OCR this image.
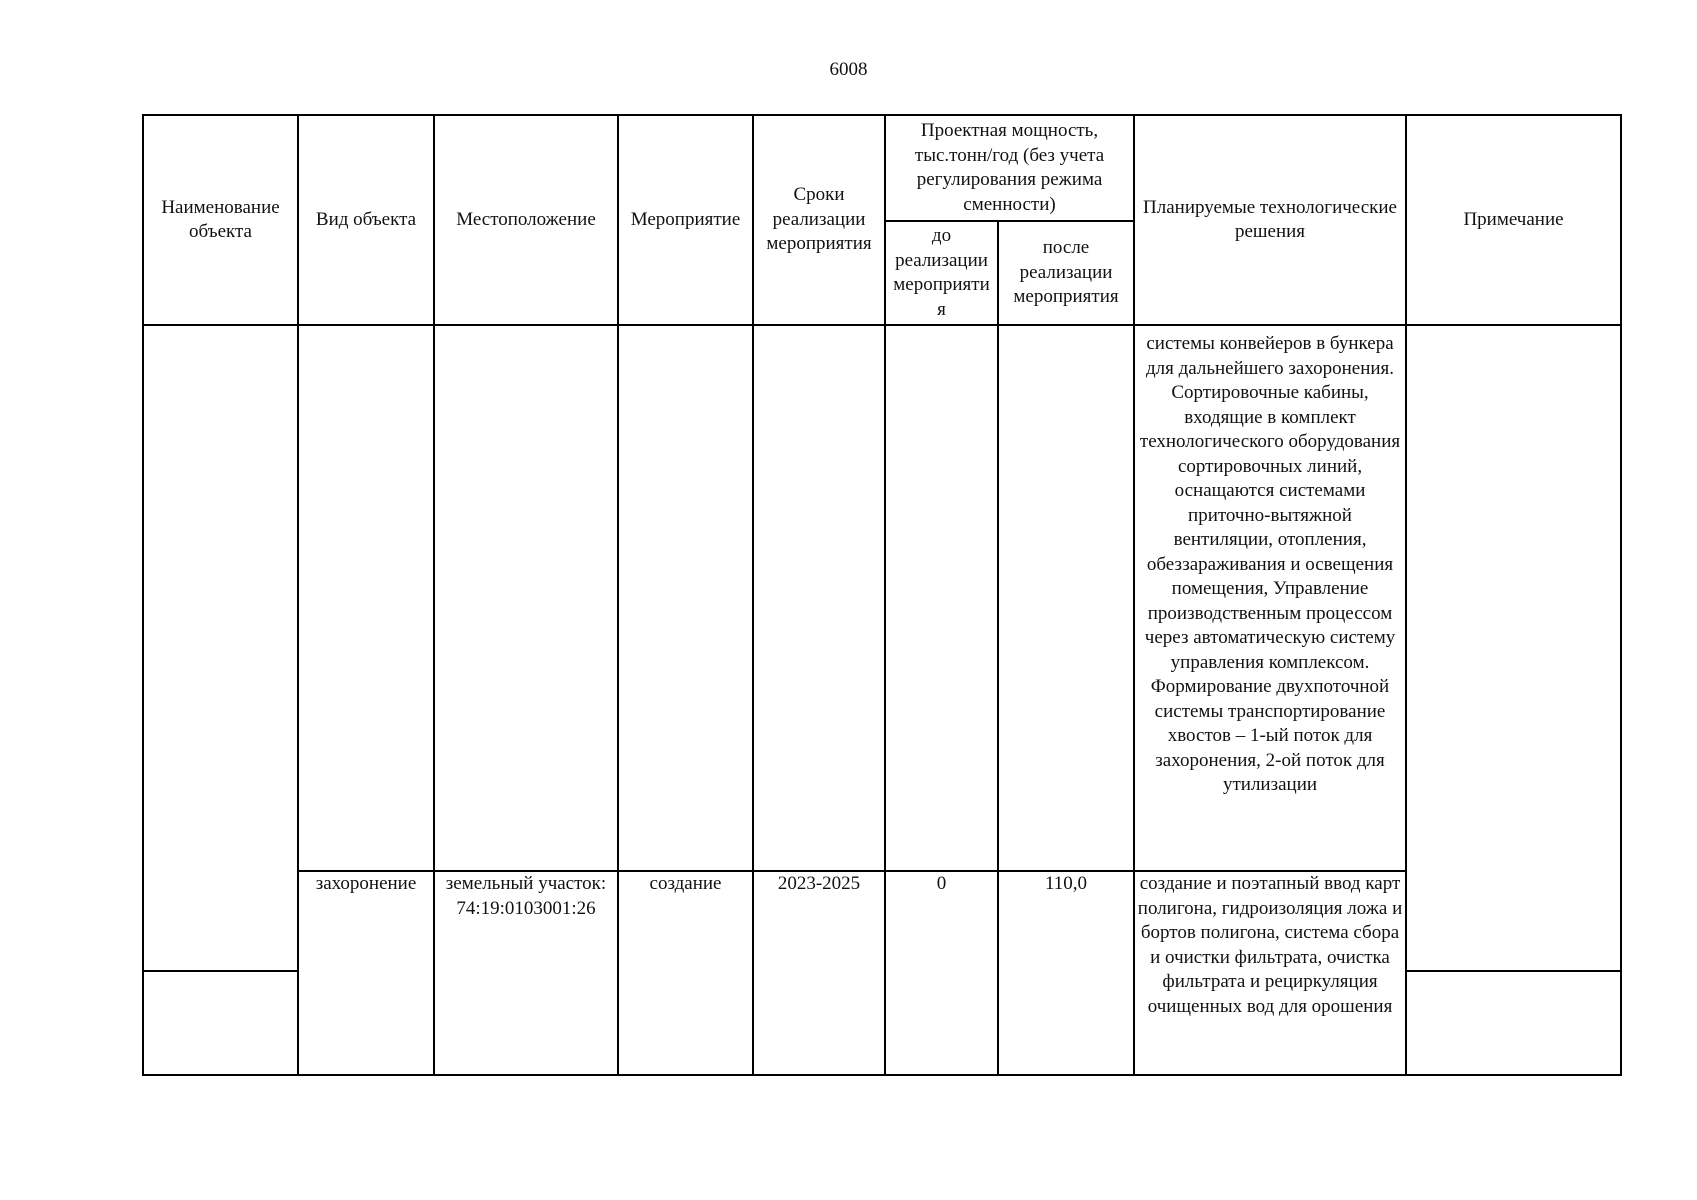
6008
Наименование объекта	Вид объекта	Местоположение	Мероприятие	Сроки реализации мероприятия	Проектная мощность, тыс.тонн/год (без учета регулирования режима сменности)		Планируемые технологические решения	Примечание
					до реализации мероприяти я	после реализации мероприятия		
							системы конвейеров в бункера для дальнейшего захоронения. Сортировочные кабины, входящие в комплект технологического оборудования сортировочных линий, оснащаются системами приточно-вытяжной вентиляции, отопления, обеззараживания и освещения помещения, Управление производственным процессом через автоматическую систему управления комплексом. Формирование двухпоточной системы транспортирование хвостов – 1-ый поток для захоронения, 2-ой поток для утилизации	
	захоронение	земельный участок: 74:19:0103001:26	создание	2023-2025	0	110,0	создание и поэтапный ввод карт полигона, гидроизоляция ложа и бортов полигона, система сбора и очистки фильтрата, очистка фильтрата и рециркуляция очищенных вод для орошения	
